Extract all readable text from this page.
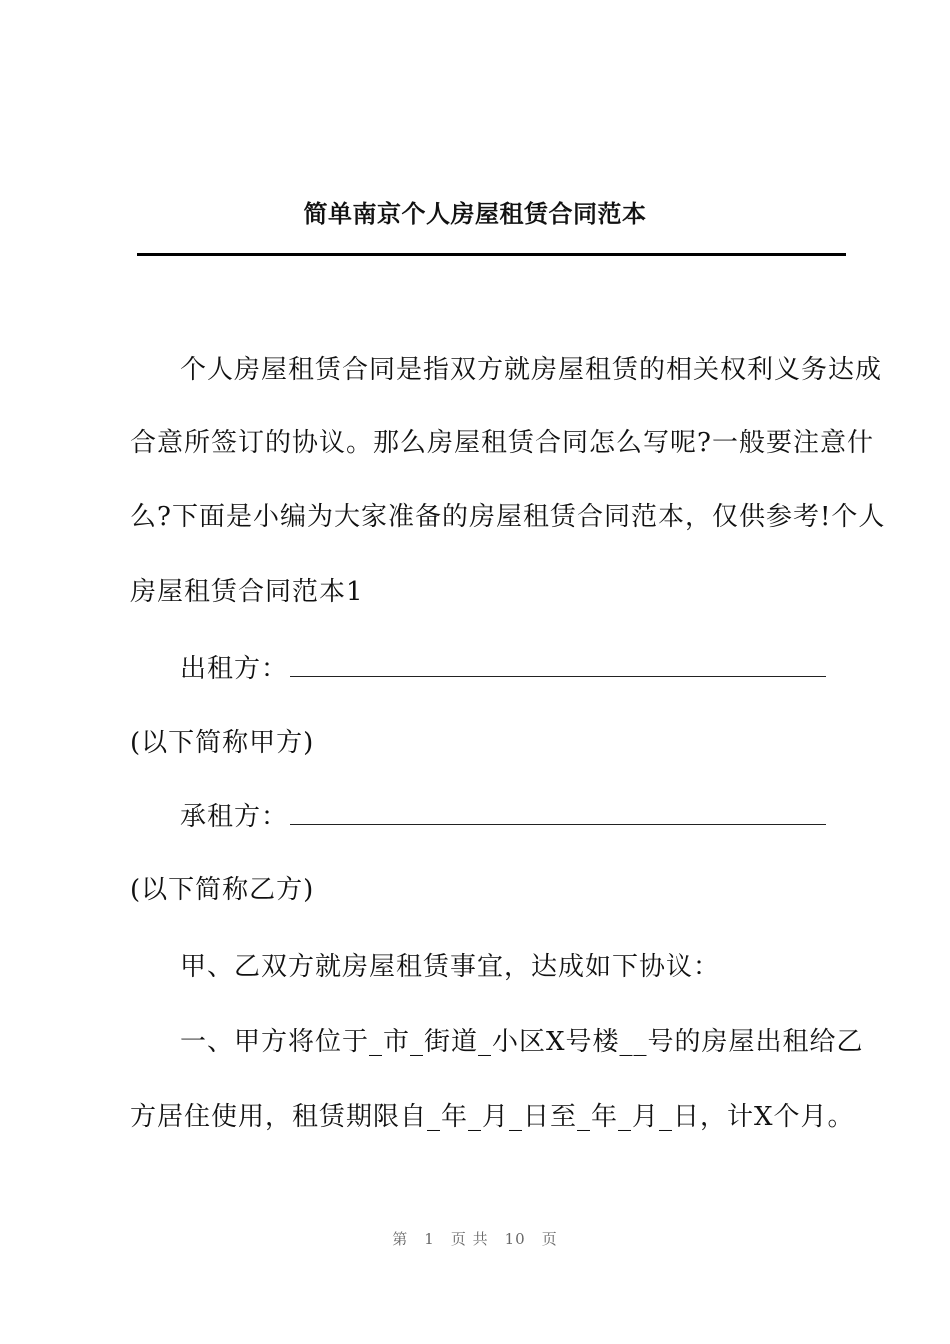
简单南京个人房屋租赁合同范本
个人房屋租赁合同是指双方就房屋租赁的相关权利义务达成
合意所签订的协议。那么房屋租赁合同怎么写呢?一般要注意什
么?下面是小编为大家准备的房屋租赁合同范本，仅供参考!个人
房屋租赁合同范本1
出租方：
(以下简称甲方)
承租方：
(以下简称乙方)
甲、乙双方就房屋租赁事宜，达成如下协议：
一、甲方将位于_市_街道_小区X号楼__号的房屋出租给乙
方居住使用，租赁期限自_年_月_日至_年_月_日，计X个月。
第 1 页 共 10 页
